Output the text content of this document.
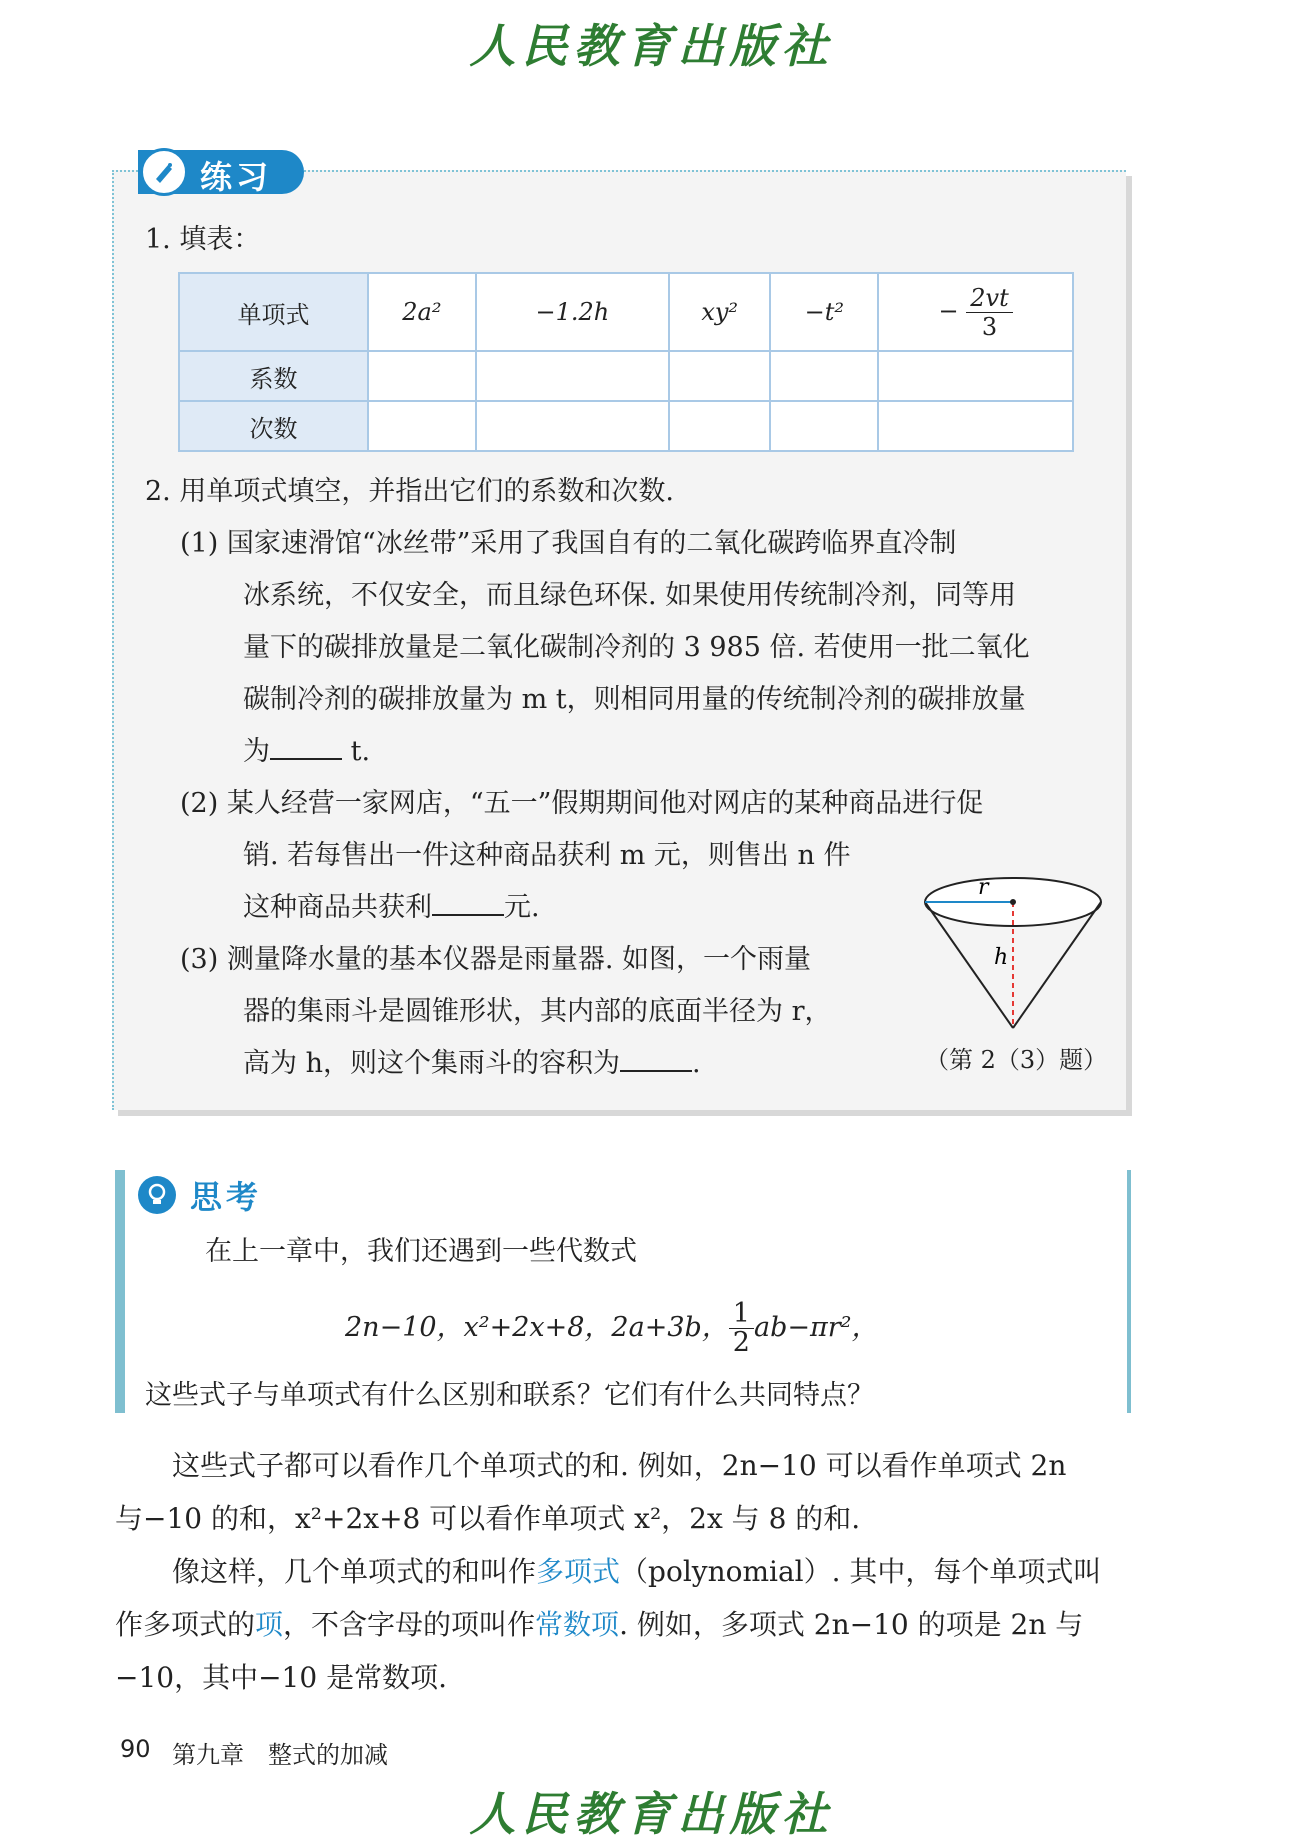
人民教育出版社
练习
1. 填表：
单项式	2a²	−1.2h	xy²	−t²	− $\frac{2vt}{3}$

系数					
次数					
2. 用单项式填空，并指出它们的系数和次数.
(1) 国家速滑馆“冰丝带”采用了我国自有的二氧化碳跨临界直冷制
冰系统，不仅安全，而且绿色环保. 如果使用传统制冷剂，同等用
量下的碳排放量是二氧化碳制冷剂的 3 985 倍. 若使用一批二氧化
碳制冷剂的碳排放量为 m t，则相同用量的传统制冷剂的碳排放量
为	t.
(2) 某人经营一家网店，“五一”假期期间他对网店的某种商品进行促
销. 若每售出一件这种商品获利 m 元，则售出 n 件
这种商品共获利	元.
(3) 测量降水量的基本仪器是雨量器. 如图，一个雨量
器的集雨斗是圆锥形状，其内部的底面半径为 r，
高为 h，则这个集雨斗的容积为	.
r
h
（第 2（3）题）
思考
在上一章中，我们还遇到一些代数式
2n−10，x²+2x+8，2a+3b， $\frac{1}{2} ab-\pi r^2$，
这些式子与单项式有什么区别和联系？它们有什么共同特点？
这些式子都可以看作几个单项式的和. 例如，2n−10 可以看作单项式 2n
与−10 的和，x²+2x+8 可以看作单项式 x²，2x 与 8 的和.
像这样，几个单项式的和叫作多项式（polynomial）. 其中，每个单项式叫
作多项式的项，不含字母的项叫作常数项. 例如，多项式 2n−10 的项是 2n 与
−10，其中−10 是常数项.
90 第九章　整式的加减
人民教育出版社
